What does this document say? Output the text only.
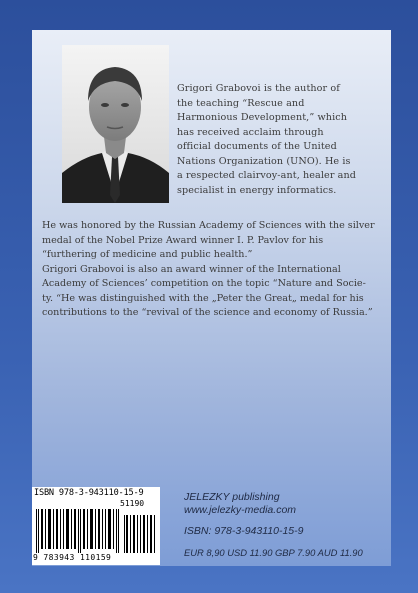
Grigori Grabovoi is the author of the teaching “Rescue and Harmonious Development,” which has received acclaim through official documents of the United Nations Organization (UNO). He is a respected clairvoy-ant, healer and specialist in energy informatics.

He was honored by the Russian Academy of Sciences with the silver medal of the Nobel Prize Award winner I. P. Pavlov for his “furthering of medicine and public health.”

Grigori Grabovoi is also an award winner of the International Academy of Sciences’ competition on the topic “Nature and Socie-ty. “He was distinguished with the „Peter the Great„ medal for his contributions to the “revival of the science and economy of Russia.”

ISBN 978-3-943110-15-9
51190
9 783943 110159
JELEZKY publishing
www.jelezky-media.com
ISBN: 978-3-943110-15-9
EUR 8,90 USD 11.90 GBP 7.90 AUD 11.90
